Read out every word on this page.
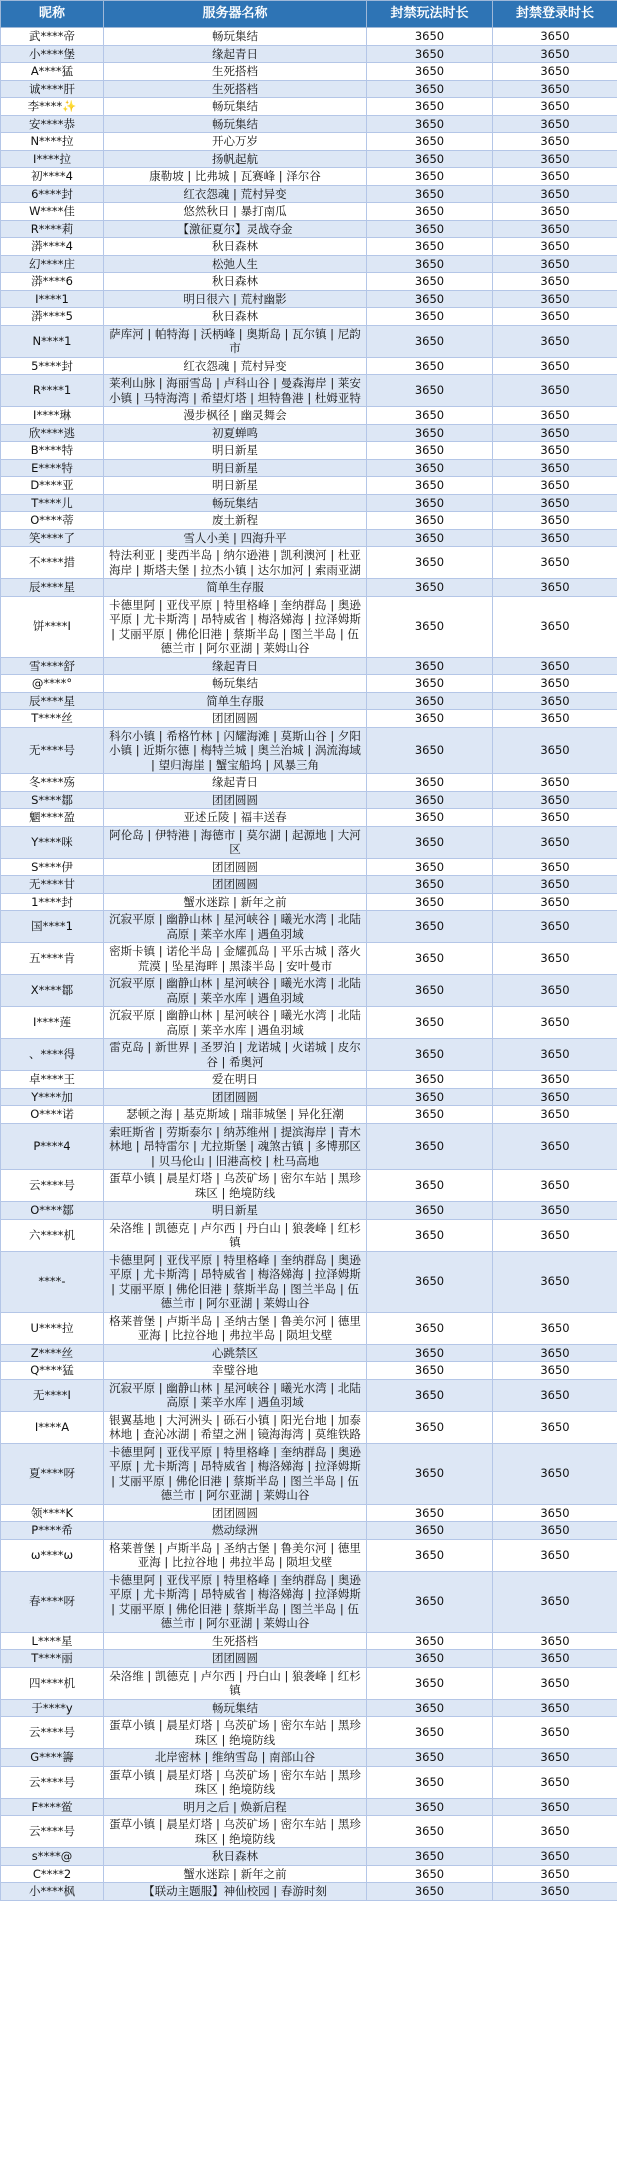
昵称	服务器名称	封禁玩法时长	封禁登录时长
武****帝	畅玩集结	3650	3650
小****堡	缘起青日	3650	3650
A****猛	生死搭档	3650	3650
诚****肝	生死搭档	3650	3650
李****✨	畅玩集结	3650	3650
安****恭	畅玩集结	3650	3650
N****拉	开心万岁	3650	3650
I****拉	扬帆起航	3650	3650
初****4	康勒坡 | 比弗城 | 瓦赛峰 | 泽尔谷	3650	3650
6****封	红衣怨魂 | 荒村异变	3650	3650
W****佳	悠然秋日 | 暴打南瓜	3650	3650
R****莉	【激征夏尔】灵战夺金	3650	3650
漭****4	秋日森林	3650	3650
幻****庄	松弛人生	3650	3650
漭****6	秋日森林	3650	3650
I****1	明日很六 | 荒村幽影	3650	3650
漭****5	秋日森林	3650	3650
N****1	萨库河 | 帕特海 | 沃柄峰 | 奥斯岛 | 瓦尔镇 | 尼韵市	3650	3650
5****封	红衣怨魂 | 荒村异变	3650	3650
R****1	莱利山脉 | 海丽雪岛 | 卢科山谷 | 曼森海岸 | 莱安小镇 | 马特海湾 | 希望灯塔 | 坦特鲁港 | 杜姆亚特	3650	3650
I****琳	漫步枫径 | 幽灵舞会	3650	3650
欣****逃	初夏蝉鸣	3650	3650
B****特	明日新星	3650	3650
E****特	明日新星	3650	3650
D****亚	明日新星	3650	3650
T****儿	畅玩集结	3650	3650
O****蒂	废土新程	3650	3650
笑****了	雪人小美 | 四海升平	3650	3650
不****措	特法利亚 | 斐西半岛 | 纳尔逊港 | 凯利澳河 | 杜亚海岸 | 斯塔夫堡 | 拉杰小镇 | 达尔加河 | 索雨亚湖	3650	3650
辰****星	简单生存服	3650	3650
饼****Ⅰ	卡德里阿 | 亚伐平原 | 特里格峰 | 奎纳群岛 | 奥逊平原 | 尤卡斯湾 | 昂特威省 | 梅洛娣海 | 拉泽姆斯 | 艾丽平原 | 佛伦旧港 | 蔡斯半岛 | 图兰半岛 | 伍德兰市 | 阿尔亚湖 | 莱姆山谷	3650	3650
雪****舒	缘起青日	3650	3650
@****°	畅玩集结	3650	3650
辰****星	简单生存服	3650	3650
T****丝	团团圆圆	3650	3650
无****号	科尔小镇 | 希格竹林 | 闪耀海滩 | 莫斯山谷 | 夕阳小镇 | 近斯尔德 | 梅特兰城 | 奥兰治城 | 涡流海域 | 望归海崖 | 蟹宝船坞 | 风暴三角	3650	3650
冬****殇	缘起青日	3650	3650
S****鄒	团团圆圆	3650	3650
魍****盈	亚述丘陵 | 福丰送春	3650	3650
Y****咪	阿伦岛 | 伊特港 | 海德市 | 莫尔湖 | 起源地 | 大河区	3650	3650
S****伊	团团圆圆	3650	3650
无****甘	团团圆圆	3650	3650
1****封	蟹水迷踪 | 新年之前	3650	3650
国****1	沉寂平原 | 幽静山林 | 星河峡谷 | 曦光水湾 | 北陆高原 | 莱辛水库 | 遇鱼羽域	3650	3650
五****肯	密斯卡镇 | 诺伦半岛 | 金耀孤岛 | 平乐古城 | 落火荒漠 | 坠星海畔 | 黑漆半岛 | 安叶曼市	3650	3650
X****鄒	沉寂平原 | 幽静山林 | 星河峡谷 | 曦光水湾 | 北陆高原 | 莱辛水库 | 遇鱼羽域	3650	3650
I****莲	沉寂平原 | 幽静山林 | 星河峡谷 | 曦光水湾 | 北陆高原 | 莱辛水库 | 遇鱼羽域	3650	3650
、****得	雷克岛 | 新世界 | 圣罗泊 | 龙诺城 | 火诺城 | 皮尔谷 | 希奥河	3650	3650
卓****王	爱在明日	3650	3650
Y****加	团团圆圆	3650	3650
O****诺	瑟顿之海 | 基克斯域 | 瑞菲城堡 | 异化狂潮	3650	3650
P****4	索旺斯省 | 劳斯泰尔 | 纳苏维州 | 提滨海岸 | 青木林地 | 昂特雷尔 | 尤拉斯堡 | 魂煞古镇 | 多博那区 | 贝马伦山 | 旧港高校 | 杜马高地	3650	3650
云****号	蛋草小镇 | 晨星灯塔 | 乌茨矿场 | 密尔车站 | 黑珍珠区 | 绝境防线	3650	3650
O****鄒	明日新星	3650	3650
六****机	朵洛维 | 凯德克 | 卢尔西 | 丹白山 | 狼袭峰 | 红杉镇	3650	3650
****-	卡德里阿 | 亚伐平原 | 特里格峰 | 奎纳群岛 | 奥逊平原 | 尤卡斯湾 | 昂特威省 | 梅洛娣海 | 拉泽姆斯 | 艾丽平原 | 佛伦旧港 | 蔡斯半岛 | 图兰半岛 | 伍德兰市 | 阿尔亚湖 | 莱姆山谷	3650	3650
U****拉	格莱普堡 | 卢斯半岛 | 圣纳古堡 | 鲁美尔河 | 德里亚海 | 比拉谷地 | 弗拉半岛 | 陨坦戈壁	3650	3650
Z****丝	心跳禁区	3650	3650
Q****猛	幸璧谷地	3650	3650
无****Ⅰ	沉寂平原 | 幽静山林 | 星河峡谷 | 曦光水湾 | 北陆高原 | 莱辛水库 | 遇鱼羽域	3650	3650
I****A	银翼基地 | 大河洲头 | 砾石小镇 | 阳光台地 | 加泰林地 | 查沁冰湖 | 希望之洲 | 镜海海湾 | 莫维铁路	3650	3650
夏****呀	卡德里阿 | 亚伐平原 | 特里格峰 | 奎纳群岛 | 奥逊平原 | 尤卡斯湾 | 昂特威省 | 梅洛娣海 | 拉泽姆斯 | 艾丽平原 | 佛伦旧港 | 蔡斯半岛 | 图兰半岛 | 伍德兰市 | 阿尔亚湖 | 莱姆山谷	3650	3650
领****K	团团圆圆	3650	3650
P****希	燃动绿洲	3650	3650
ω****ω	格莱普堡 | 卢斯半岛 | 圣纳古堡 | 鲁美尔河 | 德里亚海 | 比拉谷地 | 弗拉半岛 | 陨坦戈壁	3650	3650
春****呀	卡德里阿 | 亚伐平原 | 特里格峰 | 奎纳群岛 | 奥逊平原 | 尤卡斯湾 | 昂特威省 | 梅洛娣海 | 拉泽姆斯 | 艾丽平原 | 佛伦旧港 | 蔡斯半岛 | 图兰半岛 | 伍德兰市 | 阿尔亚湖 | 莱姆山谷	3650	3650
L****星	生死搭档	3650	3650
T****丽	团团圆圆	3650	3650
四****机	朵洛维 | 凯德克 | 卢尔西 | 丹白山 | 狼袭峰 | 红杉镇	3650	3650
于****y	畅玩集结	3650	3650
云****号	蛋草小镇 | 晨星灯塔 | 乌茨矿场 | 密尔车站 | 黑珍珠区 | 绝境防线	3650	3650
G****籌	北岸密林 | 维纳雪岛 | 南部山谷	3650	3650
云****号	蛋草小镇 | 晨星灯塔 | 乌茨矿场 | 密尔车站 | 黑珍珠区 | 绝境防线	3650	3650
F****鲎	明月之后 | 焕新启程	3650	3650
云****号	蛋草小镇 | 晨星灯塔 | 乌茨矿场 | 密尔车站 | 黑珍珠区 | 绝境防线	3650	3650
s****@	秋日森林	3650	3650
C****2	蟹水迷踪 | 新年之前	3650	3650
小****枫	【联动主题服】神仙校园 | 春游时刻	3650	3650
